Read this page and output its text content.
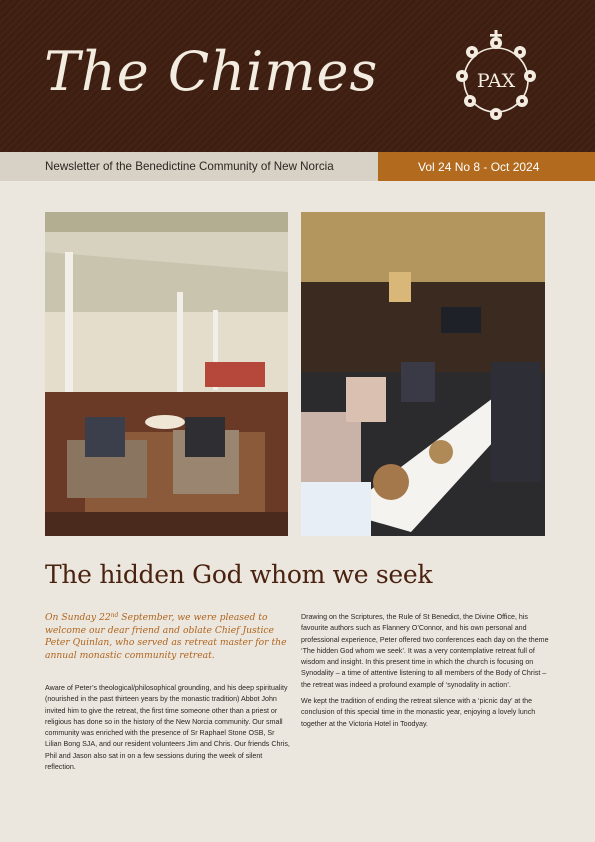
The Chimes	PAX
Newsletter of the Benedictine Community of New Norcia	Vol 24 No 8 - Oct 2024
The hidden God whom we seek
On Sunday 22nd September, we were pleased to welcome our dear friend and oblate Chief Justice Peter Quinlan, who served as retreat master for the annual monastic community retreat.

Aware of Peter’s theological/philosophical grounding, and his deep spirituality (nourished in the past thirteen years by the monastic tradition) Abbot John invited him to give the retreat, the first time someone other than a priest or religious has done so in the history of the New Norcia community. Our small community was enriched with the presence of Sr Raphael Stone OSB, Sr Lilian Bong SJA, and our resident volunteers Jim and Chris. Our friends Chris, Phil and Jason also sat in on a few sessions during the week of silent reflection.

Drawing on the Scriptures, the Rule of St Benedict, the Divine Office, his favourite authors such as Flannery O’Connor, and his own personal and professional experience, Peter offered two conferences each day on the theme ‘The hidden God whom we seek’. It was a very contemplative retreat full of wisdom and insight. In this present time in which the church is focusing on Synodality – a time of attentive listening to all members of the Body of Christ – the retreat was indeed a profound example of ‘synodality in action’.

We kept the tradition of ending the retreat silence with a ‘picnic day’ at the conclusion of this special time in the monastic year, enjoying a lovely lunch together at the Victoria Hotel in Toodyay.
